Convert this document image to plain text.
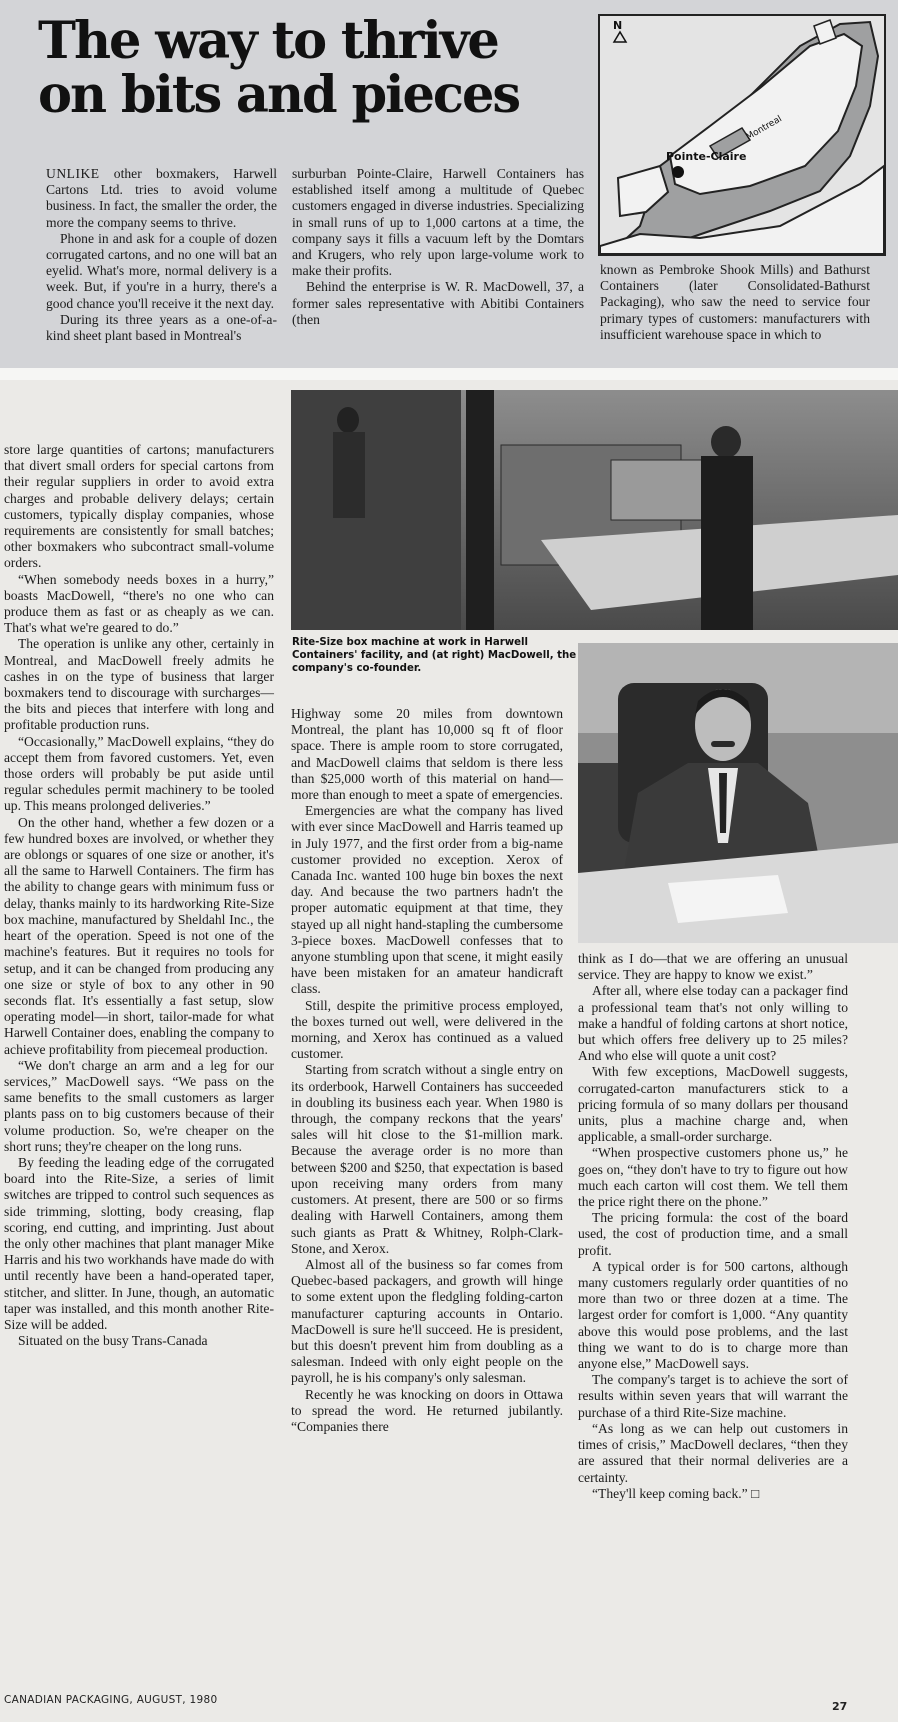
The way to thrive
on bits and pieces

UNLIKE other boxmakers, Harwell Cartons Ltd. tries to avoid volume business. In fact, the smaller the order, the more the company seems to thrive.

Phone in and ask for a couple of dozen corrugated cartons, and no one will bat an eyelid. What's more, normal delivery is a week. But, if you're in a hurry, there's a good chance you'll receive it the next day.

During its three years as a one-of-a-kind sheet plant based in Montreal's

surburban Pointe-Claire, Harwell Containers has established itself among a multitude of Quebec customers engaged in diverse industries. Specializing in small runs of up to 1,000 cartons at a time, the company says it fills a vacuum left by the Domtars and Krugers, who rely upon large-volume work to make their profits.

Behind the enterprise is W. R. MacDowell, 37, a former sales representative with Abitibi Containers (then

known as Pembroke Shook Mills) and Bathurst Containers (later Consolidated-Bathurst Packaging), who saw the need to service four primary types of customers: manufacturers with insufficient warehouse space in which to

N
Pointe-Claire
Montreal
Rite-Size box machine at work in Harwell Containers' facility, and (at right) MacDowell, the company's co-founder.

store large quantities of cartons; manufacturers that divert small orders for special cartons from their regular suppliers in order to avoid extra charges and probable delivery delays; certain customers, typically display companies, whose requirements are consistently for small batches; other boxmakers who subcontract small-volume orders.

“When somebody needs boxes in a hurry,” boasts MacDowell, “there's no one who can produce them as fast or as cheaply as we can. That's what we're geared to do.”

The operation is unlike any other, certainly in Montreal, and MacDowell freely admits he cashes in on the type of business that larger boxmakers tend to discourage with surcharges—the bits and pieces that interfere with long and profitable production runs.

“Occasionally,” MacDowell explains, “they do accept them from favored customers. Yet, even those orders will probably be put aside until regular schedules permit machinery to be tooled up. This means prolonged deliveries.”

On the other hand, whether a few dozen or a few hundred boxes are involved, or whether they are oblongs or squares of one size or another, it's all the same to Harwell Containers. The firm has the ability to change gears with minimum fuss or delay, thanks mainly to its hardworking Rite-Size box machine, manufactured by Sheldahl Inc., the heart of the operation. Speed is not one of the machine's features. But it requires no tools for setup, and it can be changed from producing any one size or style of box to any other in 90 seconds flat. It's essentially a fast setup, slow operating model—in short, tailor-made for what Harwell Container does, enabling the company to achieve profitability from piecemeal production.

“We don't charge an arm and a leg for our services,” MacDowell says. “We pass on the same benefits to the small customers as larger plants pass on to big customers because of their volume production. So, we're cheaper on the short runs; they're cheaper on the long runs.

By feeding the leading edge of the corrugated board into the Rite-Size, a series of limit switches are tripped to control such sequences as side trimming, slotting, body creasing, flap scoring, end cutting, and imprinting. Just about the only other machines that plant manager Mike Harris and his two workhands have made do with until recently have been a hand-operated taper, stitcher, and slitter. In June, though, an automatic taper was installed, and this month another Rite-Size will be added.

Situated on the busy Trans-Canada

Highway some 20 miles from downtown Montreal, the plant has 10,000 sq ft of floor space. There is ample room to store corrugated, and MacDowell claims that seldom is there less than $25,000 worth of this material on hand—more than enough to meet a spate of emergencies.

Emergencies are what the company has lived with ever since MacDowell and Harris teamed up in July 1977, and the first order from a big-name customer provided no exception. Xerox of Canada Inc. wanted 100 huge bin boxes the next day. And because the two partners hadn't the proper automatic equipment at that time, they stayed up all night hand-stapling the cumbersome 3-piece boxes. MacDowell confesses that to anyone stumbling upon that scene, it might easily have been mistaken for an amateur handicraft class.

Still, despite the primitive process employed, the boxes turned out well, were delivered in the morning, and Xerox has continued as a valued customer.

Starting from scratch without a single entry on its orderbook, Harwell Containers has succeeded in doubling its business each year. When 1980 is through, the company reckons that the years' sales will hit close to the $1-million mark. Because the average order is no more than between $200 and $250, that expectation is based upon receiving many orders from many customers. At present, there are 500 or so firms dealing with Harwell Containers, among them such giants as Pratt & Whitney, Rolph-Clark-Stone, and Xerox.

Almost all of the business so far comes from Quebec-based packagers, and growth will hinge to some extent upon the fledgling folding-carton manufacturer capturing accounts in Ontario. MacDowell is sure he'll succeed. He is president, but this doesn't prevent him from doubling as a salesman. Indeed with only eight people on the payroll, he is his company's only salesman.

Recently he was knocking on doors in Ottawa to spread the word. He returned jubilantly. “Companies there

think as I do—that we are offering an unusual service. They are happy to know we exist.”

After all, where else today can a packager find a professional team that's not only willing to make a handful of folding cartons at short notice, but which offers free delivery up to 25 miles? And who else will quote a unit cost?

With few exceptions, MacDowell suggests, corrugated-carton manufacturers stick to a pricing formula of so many dollars per thousand units, plus a machine charge and, when applicable, a small-order surcharge.

“When prospective customers phone us,” he goes on, “they don't have to try to figure out how much each carton will cost them. We tell them the price right there on the phone.”

The pricing formula: the cost of the board used, the cost of production time, and a small profit.

A typical order is for 500 cartons, although many customers regularly order quantities of no more than two or three dozen at a time. The largest order for comfort is 1,000. “Any quantity above this would pose problems, and the last thing we want to do is to charge more than anyone else,” MacDowell says.

The company's target is to achieve the sort of results within seven years that will warrant the purchase of a third Rite-Size machine.

“As long as we can help out customers in times of crisis,” MacDowell declares, “then they are assured that their normal deliveries are a certainty.

“They'll keep coming back.” □

CANADIAN PACKAGING, AUGUST, 1980	27
